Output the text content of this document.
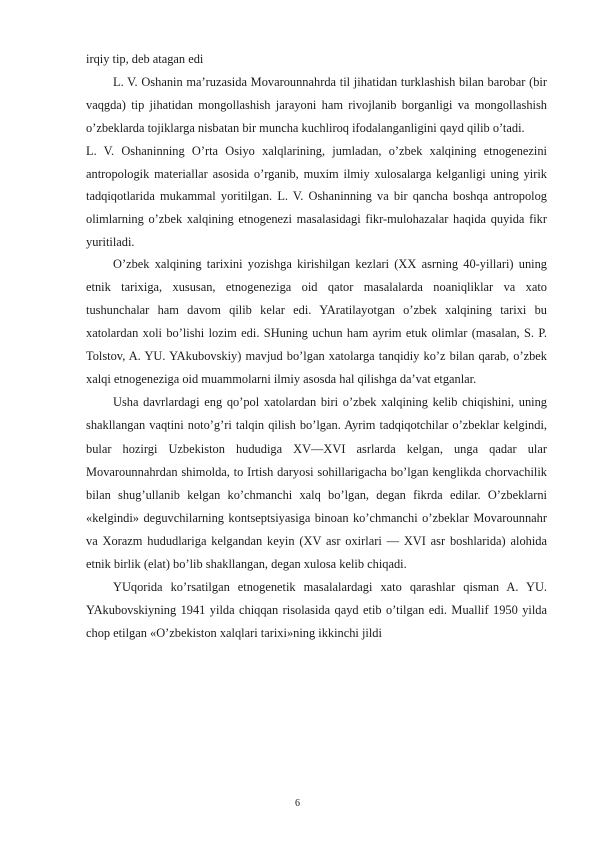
irqiy tip, deb atagan edi

L. V. Oshanin ma’ruzasida Movarounnahrda til jihatidan turklashish bilan barobar (bir vaqgda) tip jihatidan mongollashish jarayoni ham rivojlanib borganligi va mongollashish o’zbeklarda tojiklarga nisbatan bir muncha kuchliroq ifodalanganligini qayd qilib o’tadi.

L. V. Oshaninning O’rta Osiyo xalqlarining, jumladan, o’zbek xalqining etnogenezini antropologik materiallar asosida o’rganib, muxim ilmiy xulosalarga kelganligi uning yirik tadqiqotlarida mukammal yoritilgan. L. V. Oshaninning va bir qancha boshqa antropolog olimlarning o’zbek xalqining etnogenezi masalasidagi fikr-mulohazalar haqida quyida fikr yuritiladi.

O’zbek xalqining tarixini yozishga kirishilgan kezlari (XX asrning 40-yillari) uning etnik tarixiga, xususan, etnogeneziga oid qator masalalarda noaniqliklar va xato tushunchalar ham davom qilib kelar edi. YAratilayotgan o’zbek xalqining tarixi bu xatolardan xoli bo’lishi lozim edi. SHuning uchun ham ayrim etuk olimlar (masalan, S. P. Tolstov, A. YU. YAkubovskiy) mavjud bo’lgan xatolarga tanqidiy ko’z bilan qarab, o’zbek xalqi etnogeneziga oid muammolarni ilmiy asosda hal qilishga da’vat etganlar.

Usha davrlardagi eng qo’pol xatolardan biri o’zbek xalqining kelib chiqishini, uning shakllangan vaqtini noto’g’ri talqin qilish bo’lgan. Ayrim tadqiqotchilar o’zbeklar kelgindi, bular hozirgi Uzbekiston hududiga XV—XVI asrlarda kelgan, unga qadar ular Movarounnahrdan shimolda, to Irtish daryosi sohillarigacha bo’lgan kenglikda chorvachilik bilan shug’ullanib kelgan ko’chmanchi xalq bo’lgan, degan fikrda edilar. O’zbeklarni «kelgindi» deguvchilarning kontseptsiyasiga binoan ko’chmanchi o’zbeklar Movarounnahr va Xorazm hududlariga kelgandan keyin (XV asr oxirlari — XVI asr boshlarida) alohida etnik birlik (elat) bo’lib shakllangan, degan xulosa kelib chiqadi.

YUqorida ko’rsatilgan etnogenetik masalalardagi xato qarashlar qisman A. YU. YAkubovskiyning 1941 yilda chiqqan risolasida qayd etib o’tilgan edi. Muallif 1950 yilda chop etilgan «O’zbekiston xalqlari tarixi»ning ikkinchi jildi

6
